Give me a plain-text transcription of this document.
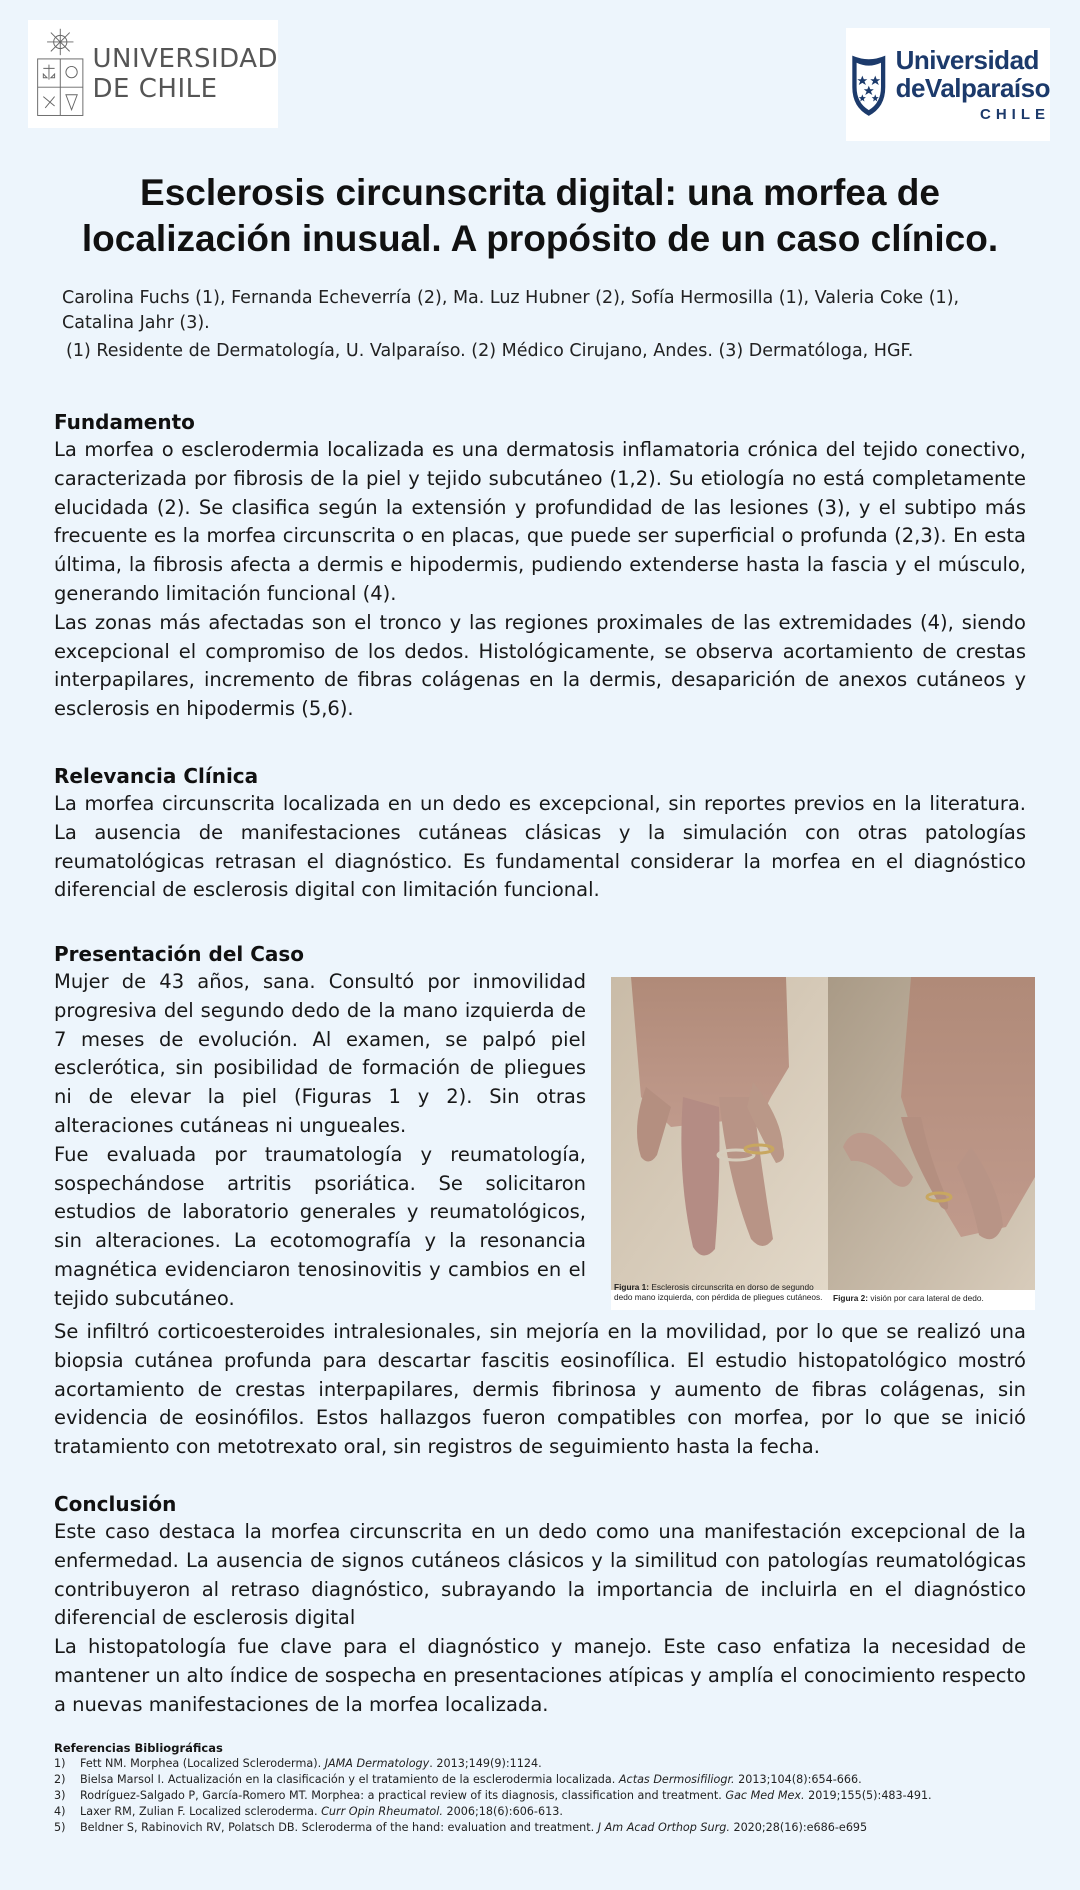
UNIVERSIDAD
DE CHILE
Universidad
deValparaíso
CHILE
Esclerosis circunscrita digital: una morfea de localización inusual. A propósito de un caso clínico.
Carolina Fuchs (1), Fernanda Echeverría (2), Ma. Luz Hubner (2), Sofía Hermosilla (1), Valeria Coke (1), Catalina Jahr (3).
(1) Residente de Dermatología, U. Valparaíso. (2) Médico Cirujano, Andes. (3) Dermatóloga, HGF.
Fundamento

La morfea o esclerodermia localizada es una dermatosis inflamatoria crónica del tejido conectivo, caracterizada por fibrosis de la piel y tejido subcutáneo (1,2). Su etiología no está completamente elucidada (2). Se clasifica según la extensión y profundidad de las lesiones (3), y el subtipo más frecuente es la morfea circunscrita o en placas, que puede ser superficial o profunda (2,3). En esta última, la fibrosis afecta a dermis e hipodermis, pudiendo extenderse hasta la fascia y el músculo, generando limitación funcional (4).

Las zonas más afectadas son el tronco y las regiones proximales de las extremidades (4), siendo excepcional el compromiso de los dedos. Histológicamente, se observa acortamiento de crestas interpapilares, incremento de fibras colágenas en la dermis, desaparición de anexos cutáneos y esclerosis en hipodermis (5,6).

Relevancia Clínica

La morfea circunscrita localizada en un dedo es excepcional, sin reportes previos en la literatura. La ausencia de manifestaciones cutáneas clásicas y la simulación con otras patologías reumatológicas retrasan el diagnóstico. Es fundamental considerar la morfea en el diagnóstico diferencial de esclerosis digital con limitación funcional.

Presentación del Caso

Mujer de 43 años, sana. Consultó por inmovilidad progresiva del segundo dedo de la mano izquierda de 7 meses de evolución. Al examen, se palpó piel esclerótica, sin posibilidad de formación de pliegues ni de elevar la piel (Figuras 1 y 2). Sin otras alteraciones cutáneas ni ungueales.

Fue evaluada por traumatología y reumatología, sospechándose artritis psoriática. Se solicitaron estudios de laboratorio generales y reumatológicos, sin alteraciones. La ecotomografía y la resonancia magnética evidenciaron tenosinovitis y cambios en el tejido subcutáneo.	Figura 1: Esclerosis circunscrita en dorso de segundo dedo mano izquierda, con pérdida de pliegues cutáneos.	Figura 2: visión por cara lateral de dedo.

Se infiltró corticoesteroides intralesionales, sin mejoría en la movilidad, por lo que se realizó una biopsia cutánea profunda para descartar fascitis eosinofílica. El estudio histopatológico mostró acortamiento de crestas interpapilares, dermis fibrinosa y aumento de fibras colágenas, sin evidencia de eosinófilos. Estos hallazgos fueron compatibles con morfea, por lo que se inició tratamiento con metotrexato oral, sin registros de seguimiento hasta la fecha.

Conclusión

Este caso destaca la morfea circunscrita en un dedo como una manifestación excepcional de la enfermedad. La ausencia de signos cutáneos clásicos y la similitud con patologías reumatológicas contribuyeron al retraso diagnóstico, subrayando la importancia de incluirla en el diagnóstico diferencial de esclerosis digital

La histopatología fue clave para el diagnóstico y manejo. Este caso enfatiza la necesidad de mantener un alto índice de sospecha en presentaciones atípicas y amplía el conocimiento respecto a nuevas manifestaciones de la morfea localizada.

Referencias Bibliográficas
1)	Fett NM. Morphea (Localized Scleroderma). JAMA Dermatology. 2013;149(9):1124.
2)	Bielsa Marsol I. Actualización en la clasificación y el tratamiento de la esclerodermia localizada. Actas Dermosifiliogr. 2013;104(8):654-666.
3)	Rodríguez-Salgado P, García-Romero MT. Morphea: a practical review of its diagnosis, classification and treatment. Gac Med Mex. 2019;155(5):483-491.
4)	Laxer RM, Zulian F. Localized scleroderma. Curr Opin Rheumatol. 2006;18(6):606-613.
5)	Beldner S, Rabinovich RV, Polatsch DB. Scleroderma of the hand: evaluation and treatment. J Am Acad Orthop Surg. 2020;28(16):e686-e695
